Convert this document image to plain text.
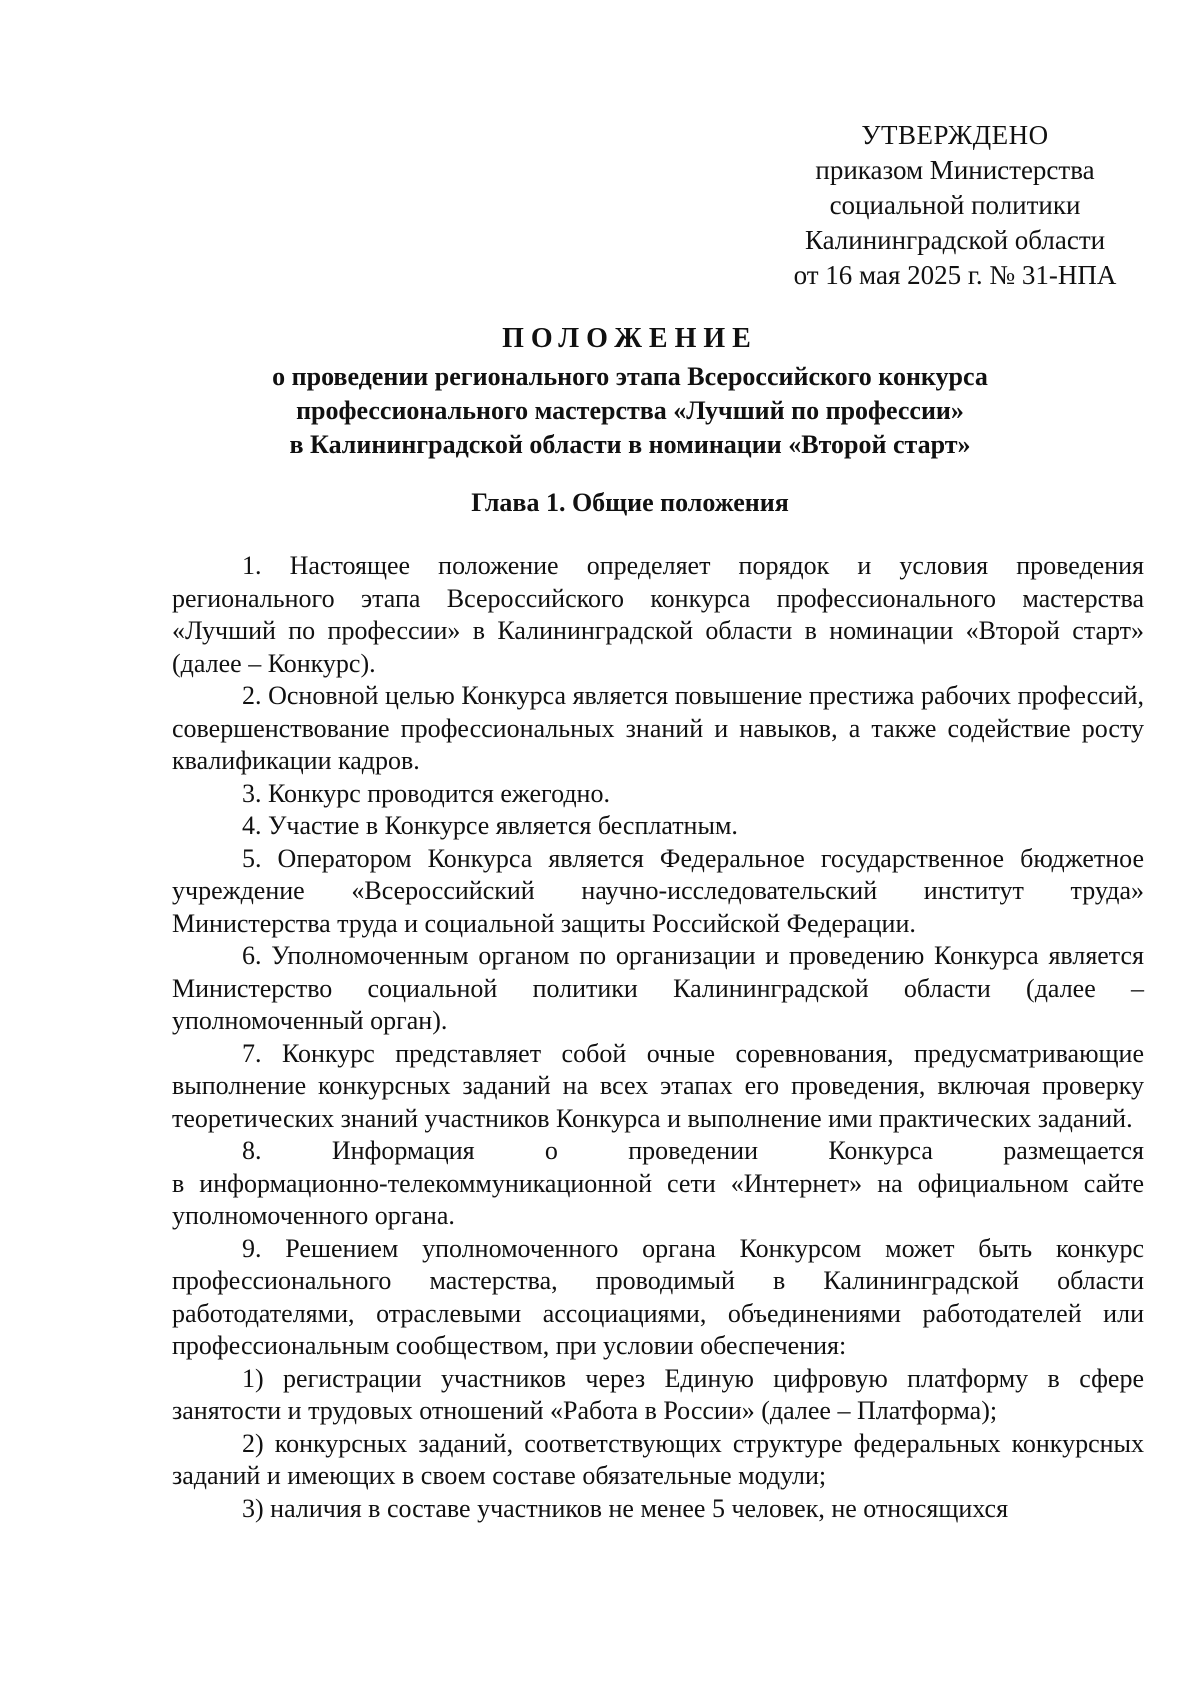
УТВЕРЖДЕНО
приказом Министерства
социальной политики
Калининградской области
от 16 мая 2025 г. № 31-НПА
ПОЛОЖЕНИЕ
о проведении регионального этапа Всероссийского конкурса
профессионального мастерства «Лучший по профессии»
в Калининградской области в номинации «Второй старт»
Глава 1. Общие положения

1. Настоящее положение определяет порядок и условия проведения регионального этапа Всероссийского конкурса профессионального мастерства «Лучший по профессии» в Калининградской области в номинации «Второй старт» (далее – Конкурс).

2. Основной целью Конкурса является повышение престижа рабочих профессий, совершенствование профессиональных знаний и навыков, а также содействие росту квалификации кадров.

3. Конкурс проводится ежегодно.

4. Участие в Конкурсе является бесплатным.

5. Оператором Конкурса является Федеральное государственное бюджетное учреждение «Всероссийский научно-исследовательский институт труда» Министерства труда и социальной защиты Российской Федерации.

6. Уполномоченным органом по организации и проведению Конкурса является Министерство социальной политики Калининградской области (далее – уполномоченный орган).

7. Конкурс представляет собой очные соревнования, предусматривающие выполнение конкурсных заданий на всех этапах его проведения, включая проверку теоретических знаний участников Конкурса и выполнение ими практических заданий.

8.	Информация	о	проведении	Конкурса	размещается

в информационно-телекоммуникационной сети «Интернет» на официальном сайте уполномоченного органа.

9. Решением уполномоченного органа Конкурсом может быть конкурс профессионального мастерства, проводимый в Калининградской области работодателями, отраслевыми ассоциациями, объединениями работодателей или профессиональным сообществом, при условии обеспечения:

1) регистрации участников через Единую цифровую платформу в сфере занятости и трудовых отношений «Работа в России» (далее – Платформа);

2) конкурсных заданий, соответствующих структуре федеральных конкурсных заданий и имеющих в своем составе обязательные модули;

3) наличия в составе участников не менее 5 человек, не относящихся
